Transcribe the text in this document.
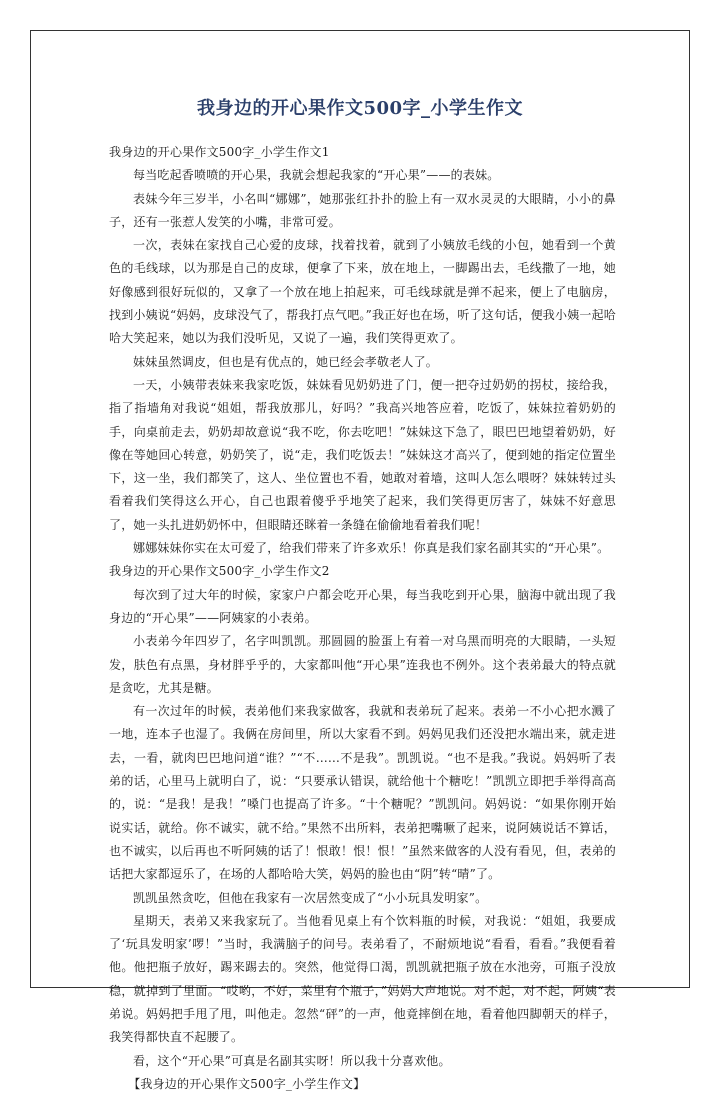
我身边的开心果作文500字_小学生作文

我身边的开心果作文500字_小学生作文1

每当吃起香喷喷的开心果，我就会想起我家的“开心果”——的表妹。

表妹今年三岁半，小名叫“娜娜”，她那张红扑扑的脸上有一双水灵灵的大眼睛，小小的鼻子，还有一张惹人发笑的小嘴，非常可爱。

一次，表妹在家找自己心爱的皮球，找着找着，就到了小姨放毛线的小包，她看到一个黄色的毛线球，以为那是自己的皮球，便拿了下来，放在地上，一脚踢出去，毛线撒了一地，她好像感到很好玩似的，又拿了一个放在地上拍起来，可毛线球就是弹不起来，便上了电脑房，找到小姨说“妈妈，皮球没气了，帮我打点气吧。”我正好也在场，听了这句话，便我小姨一起哈哈大笑起来，她以为我们没听见，又说了一遍，我们笑得更欢了。

妹妹虽然调皮，但也是有优点的，她已经会孝敬老人了。

一天，小姨带表妹来我家吃饭，妹妹看见奶奶进了门，便一把夺过奶奶的拐杖，接给我，指了指墙角对我说“姐姐，帮我放那儿，好吗？”我高兴地答应着，吃饭了，妹妹拉着奶奶的手，向桌前走去，奶奶却故意说“我不吃，你去吃吧！”妹妹这下急了，眼巴巴地望着奶奶，好像在等她回心转意，奶奶笑了，说“走，我们吃饭去！”妹妹这才高兴了，便到她的指定位置坐下，这一坐，我们都笑了，这人、坐位置也不看，她敢对着墙，这叫人怎么喂呀？妹妹转过头看着我们笑得这么开心，自己也跟着傻乎乎地笑了起来，我们笑得更厉害了，妹妹不好意思了，她一头扎进奶奶怀中，但眼睛还眯着一条缝在偷偷地看着我们呢！

娜娜妹妹你实在太可爱了，给我们带来了许多欢乐！你真是我们家名副其实的“开心果”。

我身边的开心果作文500字_小学生作文2

每次到了过大年的时候，家家户户都会吃开心果，每当我吃到开心果，脑海中就出现了我身边的“开心果”——阿姨家的小表弟。

小表弟今年四岁了，名字叫凯凯。那圆圆的脸蛋上有着一对乌黑而明亮的大眼睛，一头短发，肤色有点黑，身材胖乎乎的，大家都叫他“开心果”连我也不例外。这个表弟最大的特点就是贪吃，尤其是糖。

有一次过年的时候，表弟他们来我家做客，我就和表弟玩了起来。表弟一不小心把水溅了一地，连本子也湿了。我俩在房间里，所以大家看不到。妈妈见我们还没把水端出来，就走进去，一看，就肉巴巴地问道“谁？”“不……不是我”。凯凯说。“也不是我。”我说。妈妈听了表弟的话，心里马上就明白了，说：“只要承认错误，就给他十个糖吃！”凯凯立即把手举得高高的，说：“是我！是我！”嗓门也提高了许多。“十个糖呢？”凯凯问。妈妈说：“如果你刚开始说实话，就给。你不诚实，就不给。”果然不出所料，表弟把嘴噘了起来，说阿姨说话不算话，也不诚实，以后再也不听阿姨的话了！恨敢！恨！恨！”虽然来做客的人没有看见，但，表弟的话把大家都逗乐了，在场的人都哈哈大笑，妈妈的脸也由“阴”转“晴”了。

凯凯虽然贪吃，但他在我家有一次居然变成了“小小玩具发明家”。

星期天，表弟又来我家玩了。当他看见桌上有个饮料瓶的时候，对我说：“姐姐，我要成了‘玩具发明家’啰！”当时，我满脑子的问号。表弟看了，不耐烦地说“看看，看看。”我便看着他。他把瓶子放好，踢来踢去的。突然，他觉得口渴，凯凯就把瓶子放在水池旁，可瓶子没放稳，就掉到了里面。“哎哟，不好，菜里有个瓶子，”妈妈大声地说。对不起，对不起，阿姨“表弟说。妈妈把手甩了甩，叫他走。忽然“砰”的一声，他竟摔倒在地，看着他四脚朝天的样子，我笑得都快直不起腰了。

看，这个“开心果”可真是名副其实呀！所以我十分喜欢他。

【我身边的开心果作文500字_小学生作文】
